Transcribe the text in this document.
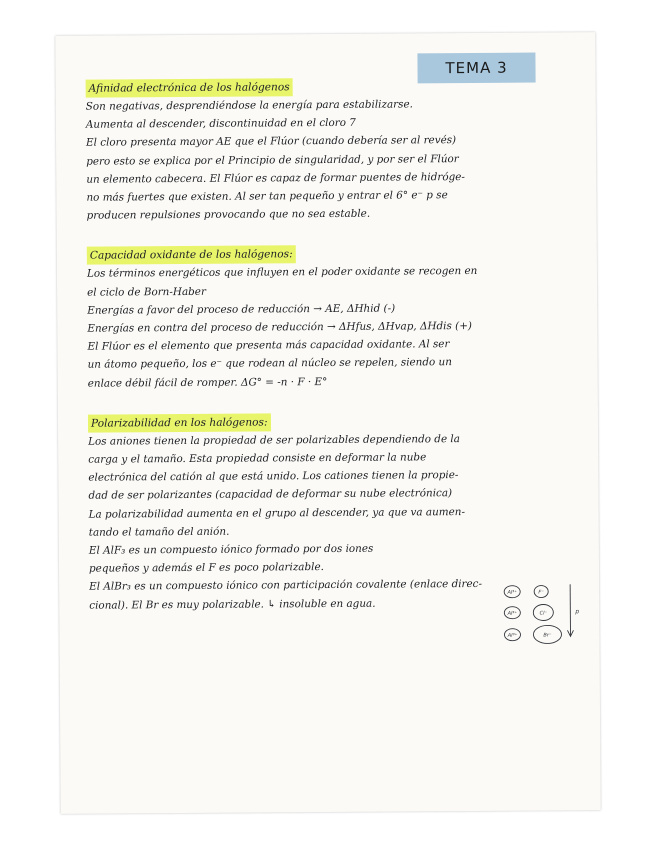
TEMA 3
Afinidad electrónica de los halógenos
Son negativas, desprendiéndose la energía para estabilizarse.
Aumenta al descender, discontinuidad en el cloro 7
El cloro presenta mayor AE que el Flúor (cuando debería ser al revés)
pero esto se explica por el Principio de singularidad, y por ser el Flúor
un elemento cabecera. El Flúor es capaz de formar puentes de hidróge-
no más fuertes que existen. Al ser tan pequeño y entrar el 6° e⁻ p se
producen repulsiones provocando que no sea estable.
Capacidad oxidante de los halógenos:
Los términos energéticos que influyen en el poder oxidante se recogen en
el ciclo de Born-Haber
Energías a favor del proceso de reducción → AE, ΔHhid (-)
Energías en contra del proceso de reducción → ΔHfus, ΔHvap, ΔHdis (+)
El Flúor es el elemento que presenta más capacidad oxidante. Al ser
un átomo pequeño, los e⁻ que rodean al núcleo se repelen, siendo un
enlace débil fácil de romper. ΔG° = -n · F · E°
Polarizabilidad en los halógenos:
Los aniones tienen la propiedad de ser polarizables dependiendo de la
carga y el tamaño. Esta propiedad consiste en deformar la nube
electrónica del catión al que está unido. Los cationes tienen la propie-
dad de ser polarizantes (capacidad de deformar su nube electrónica)
La polarizabilidad aumenta en el grupo al descender, ya que va aumen-
tando el tamaño del anión.
El AlF₃ es un compuesto iónico formado por dos iones
pequeños y además el F es poco polarizable.
El AlBr₃ es un compuesto iónico con participación covalente (enlace direc-
cional). El Br es muy polarizable. ↳ insoluble en agua.
Al³⁺	F⁻
Al³⁺	Cl⁻
Al³⁺	Br⁻
p
